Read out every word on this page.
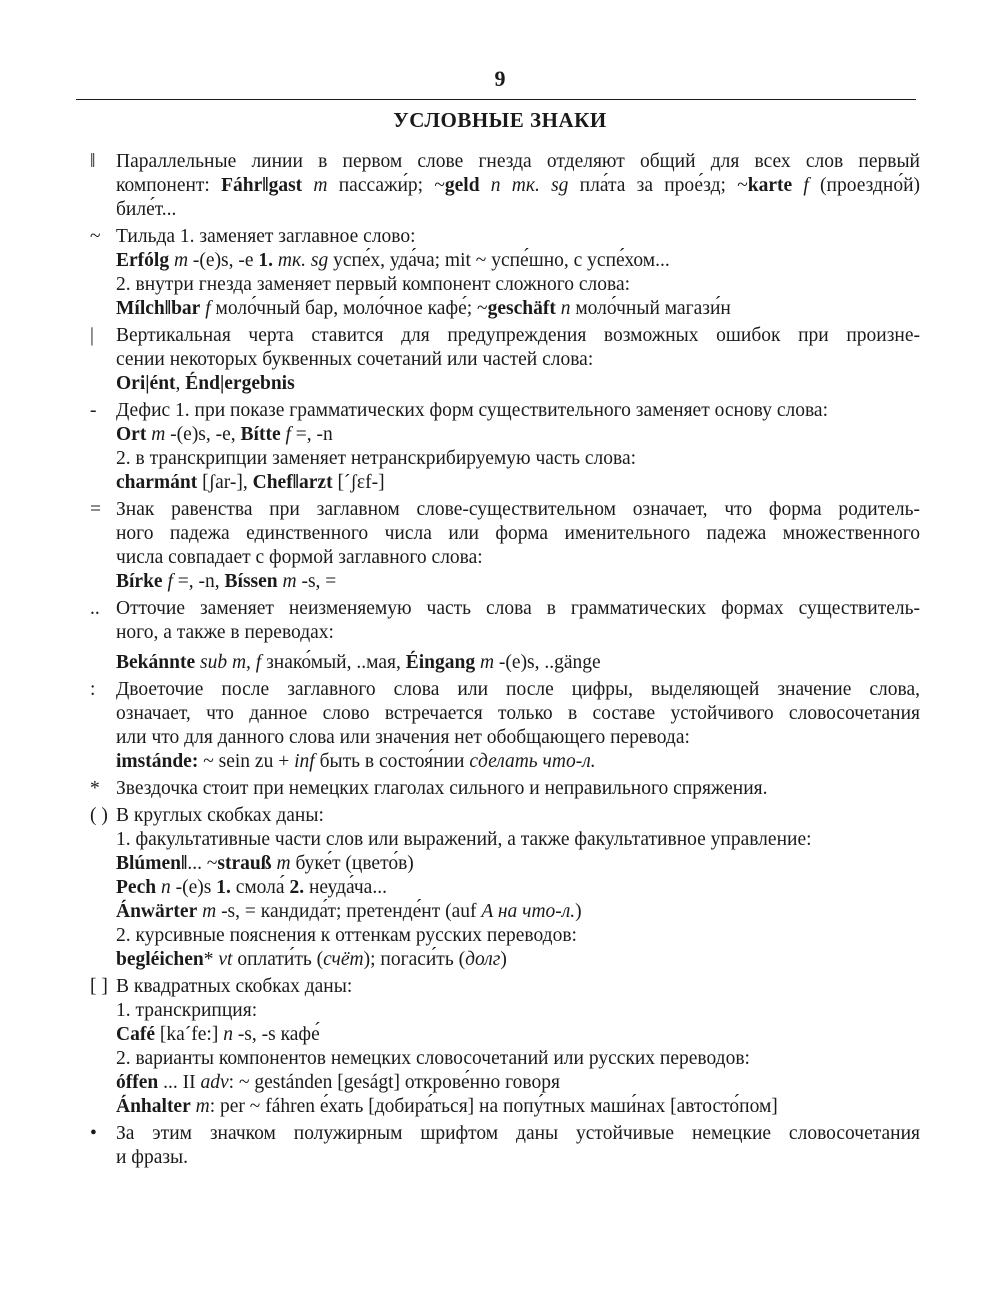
9
УСЛОВНЫЕ ЗНАКИ
‖	Параллельные линии в первом слове гнезда отделяют общий для всех слов первый
компонент: Fáhr‖gast m пассажи́р; ~geld n тк. sg пла́та за прое́зд; ~karte f (проездно́й)
биле́т...
~ Тильда 1. заменяет заглавное слово:
Erfólg m -(e)s, -e 1. тк. sg успе́х, уда́ча; mit ~ успе́шно, с успе́хом...
2. внутри гнезда заменяет первый компонент сложного слова:
Mílch‖bar f моло́чный бар, моло́чное кафе́; ~geschäft n моло́чный магази́н
|	Вертикальная черта ставится для предупреждения возможных ошибок при произне-
сении некоторых буквенных сочетаний или частей слова:
Ori|ént, Énd|ergebnis
-	Дефис 1. при показе грамматических форм существительного заменяет основу слова:
Ort m -(e)s, -e, Bítte f =, -n
2. в транскрипции заменяет нетранскрибируемую часть слова:
charmánt [ʃar-], Chef‖arzt [ˊʃɛf-]
= Знак равенства при заглавном слове-существительном означает, что форма родитель-
ного падежа единственного числа или форма именительного падежа множественного
числа совпадает с формой заглавного слова:
Bírke f =, -n, Bíssen m -s, =
.. Отточие заменяет неизменяемую часть слова в грамматических формах существитель-
ного, а также в переводах:
Bekánnte sub m, f знако́мый, ..мая, Éingang m -(e)s, ..gänge
:	Двоеточие после заглавного слова или после цифры, выделяющей значение слова,
означает, что данное слово встречается только в составе устойчивого словосочетания
или что для данного слова или значения нет обобщающего перевода:
imstánde: ~ sein zu + inf быть в состоя́нии сделать что-л.
* Звездочка стоит при немецких глаголах сильного и неправильного спряжения.
( ) В круглых скобках даны:
1. факультативные части слов или выражений, а также факультативное управление:
Blúmen‖... ~strauß m буке́т (цвето́в)
Pech n -(e)s 1. смола́ 2. неуда́ча...
Ánwärter m -s, = кандида́т; претенде́нт (auf A на что-л.)
2. курсивные пояснения к оттенкам русских переводов:
begléichen* vt оплати́ть (счёт); погаси́ть (долг)
[ ] В квадратных скобках даны:
1. транскрипция:
Café [kaˊfe:] n -s, -s кафе́
2. варианты компонентов немецких словосочетаний или русских переводов:
óffen ... II adv: ~ gestánden [geságt] открове́нно говоря
Ánhalter m: per ~ fáhren е́хать [добира́ться] на попу́тных маши́нах [автосто́пом]
• За этим значком полужирным шрифтом даны устойчивые немецкие словосочетания
и фразы.
